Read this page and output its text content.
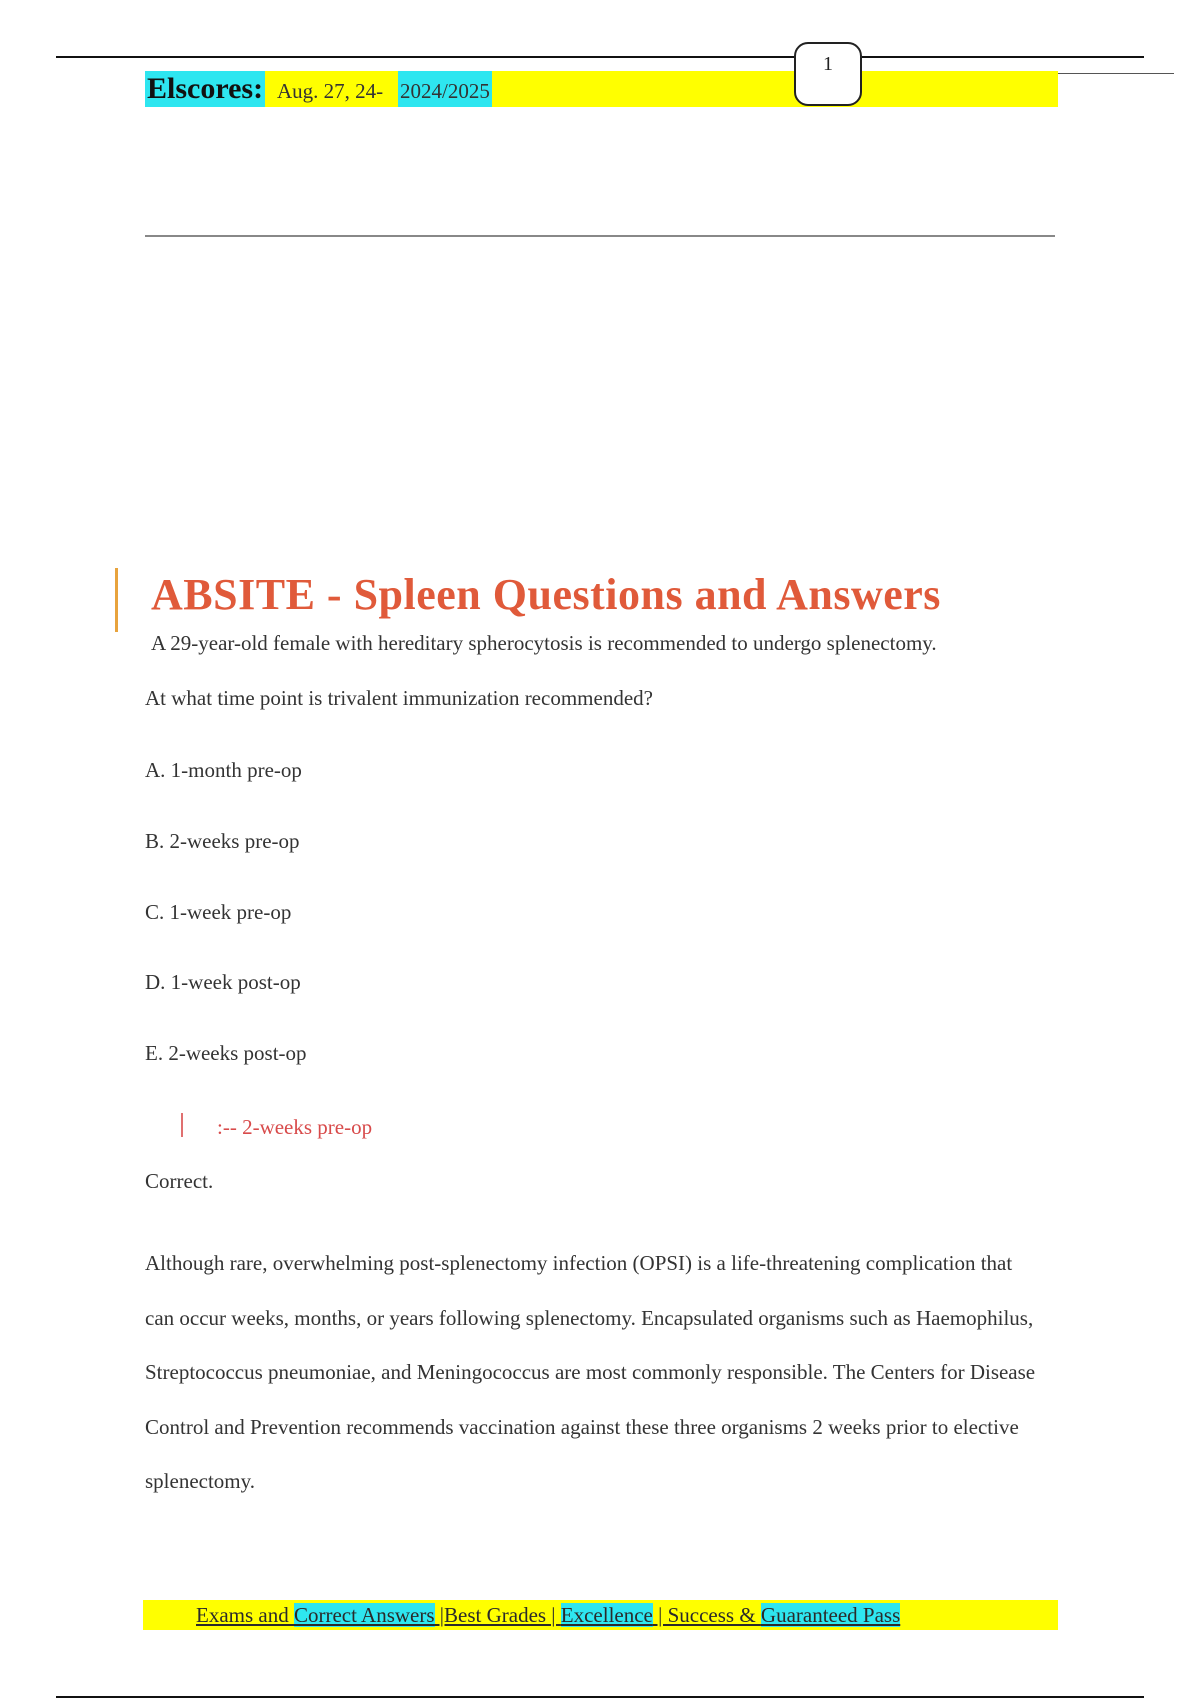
Elscores: Aug. 27, 24- 2024/2025
1
ABSITE - Spleen Questions and Answers
A 29-year-old female with hereditary spherocytosis is recommended to undergo splenectomy.
At what time point is trivalent immunization recommended?
A. 1-month pre-op
B. 2-weeks pre-op
C. 1-week pre-op
D. 1-week post-op
E. 2-weeks post-op
:-- 2-weeks pre-op
Correct.

Although rare, overwhelming post-splenectomy infection (OPSI) is a life-threatening complication that can occur weeks, months, or years following splenectomy. Encapsulated organisms such as Haemophilus, Streptococcus pneumoniae, and Meningococcus are most commonly responsible. The Centers for Disease Control and Prevention recommends vaccination against these three organisms 2 weeks prior to elective splenectomy.

Exams and Correct Answers |Best Grades | Excellence | Success & Guaranteed Pass
